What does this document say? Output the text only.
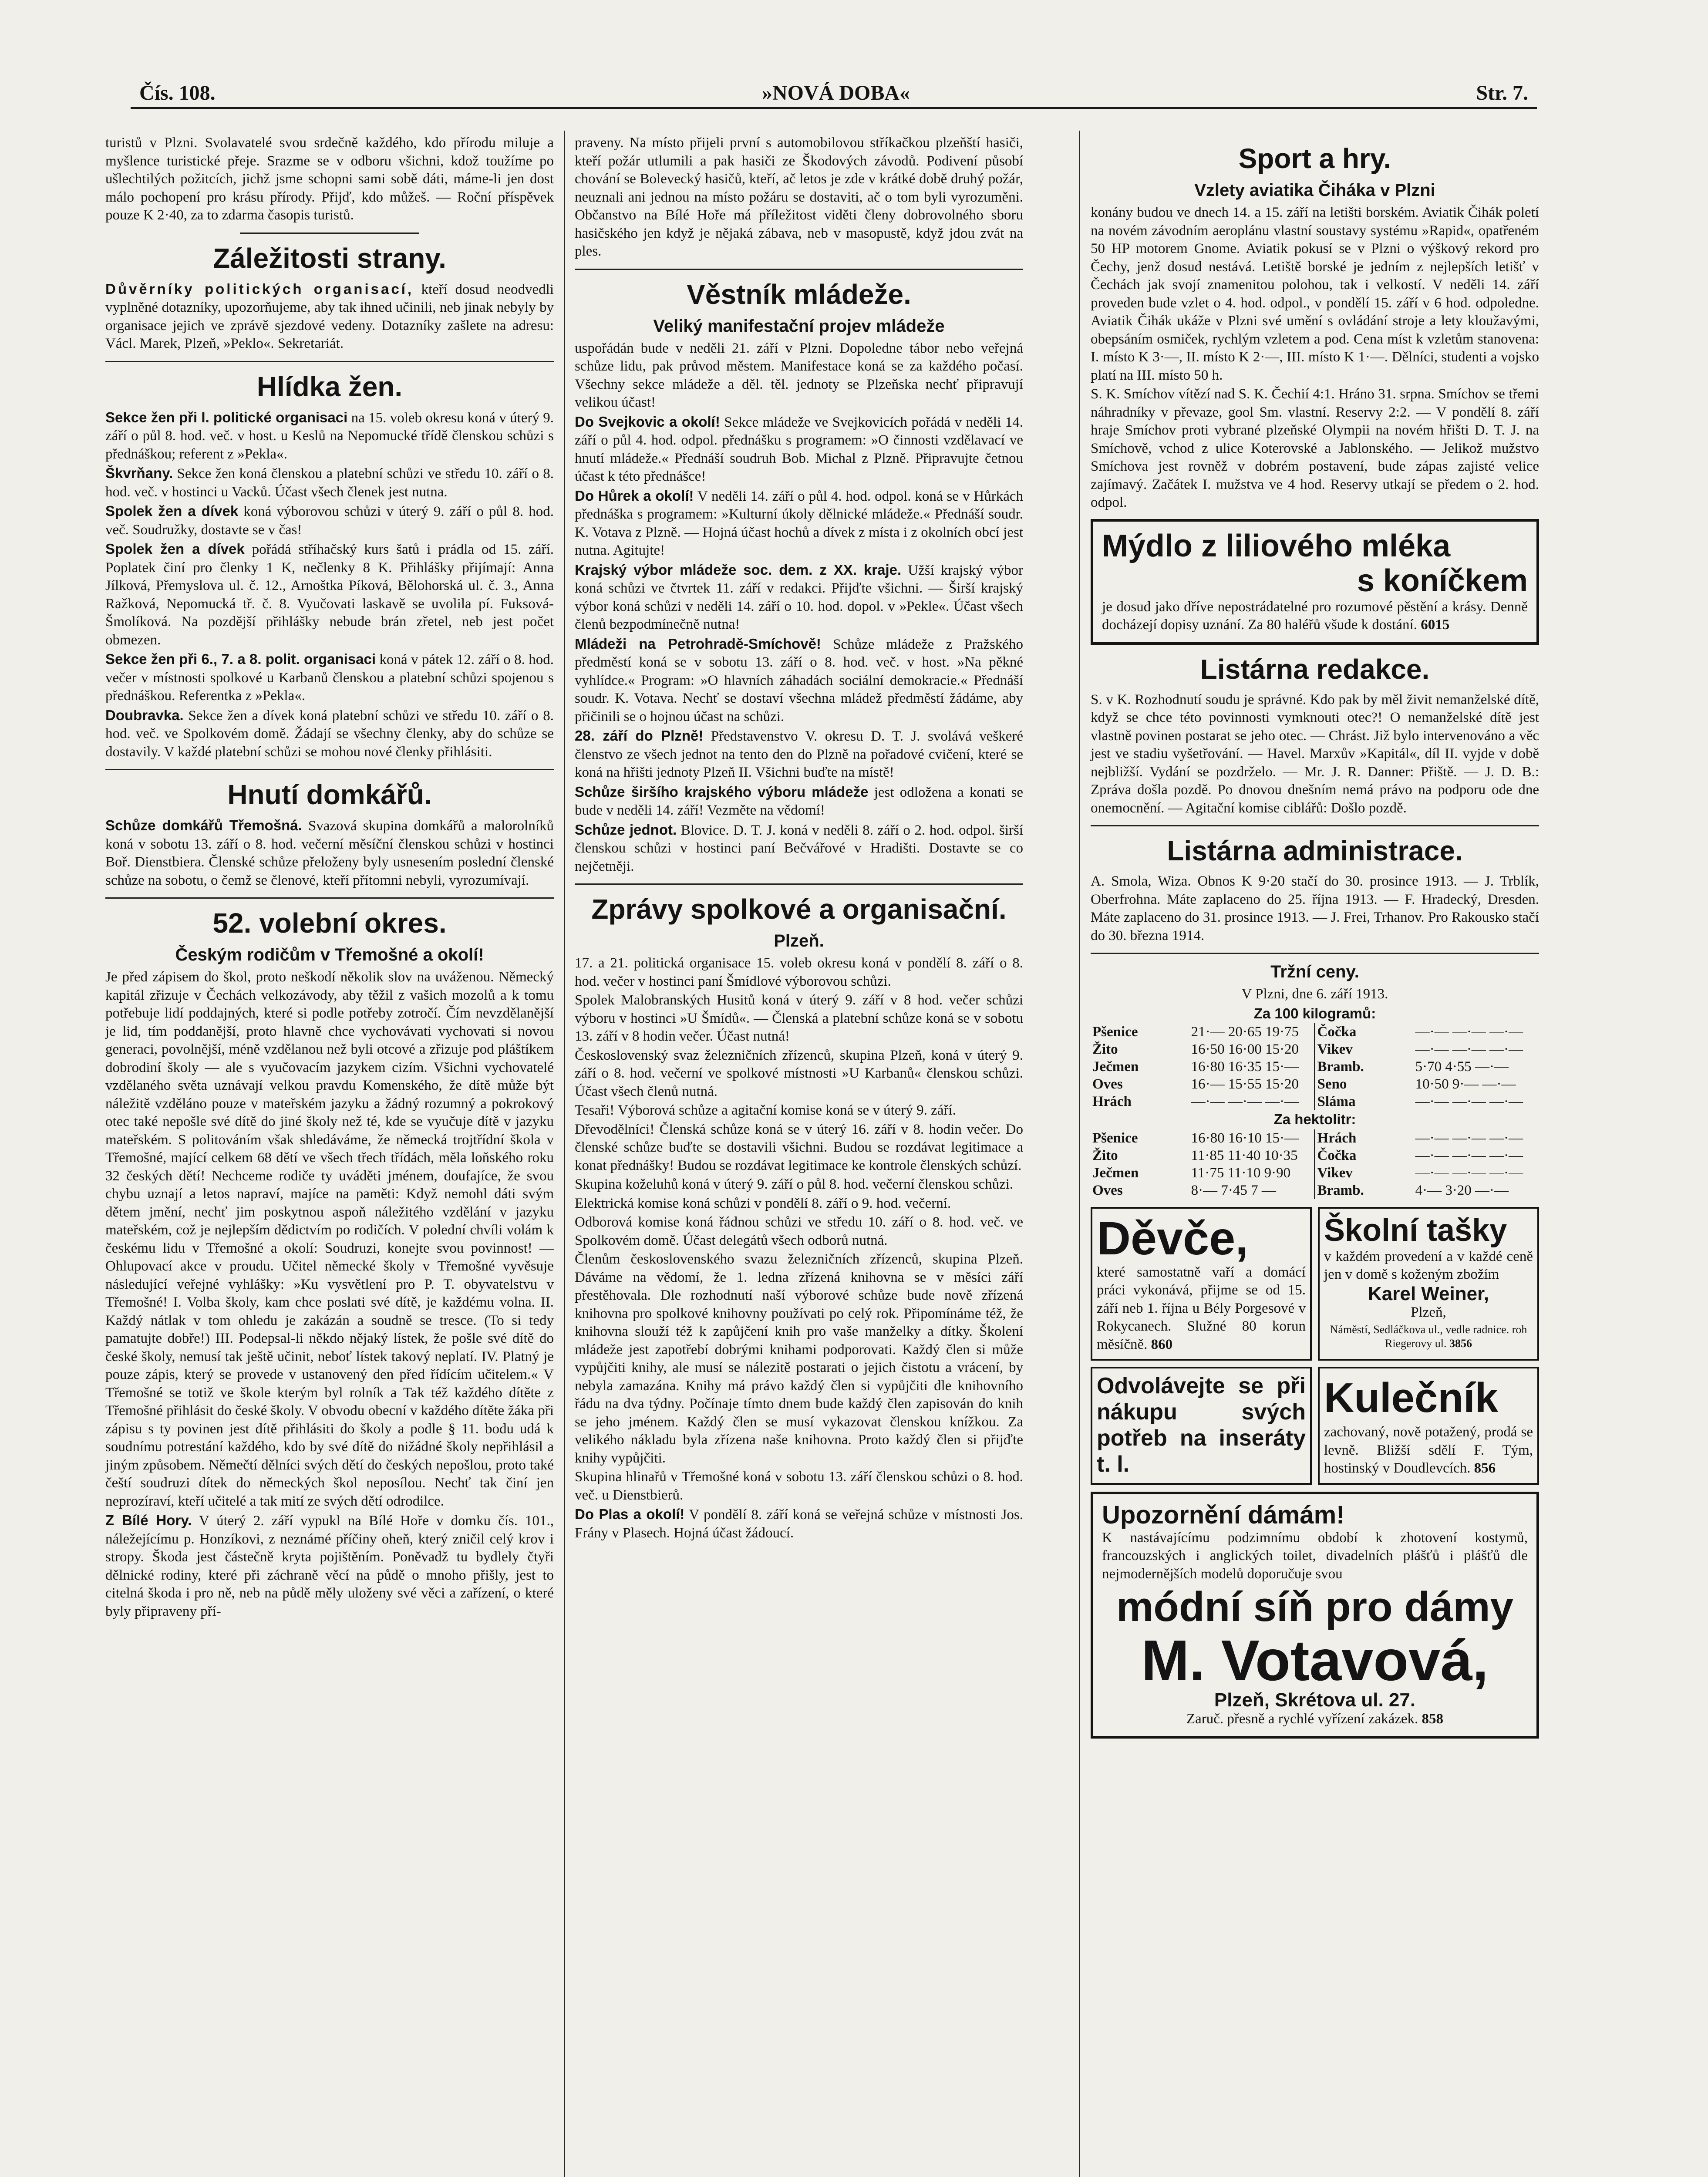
Čís. 108.	»NOVÁ DOBA«	Str. 7.

turistů v Plzni. Svolavatelé svou srdečně každého, kdo přírodu miluje a myšlence turistické přeje. Srazme se v odboru všichni, kdož toužíme po ušlechtilých požitcích, jichž jsme schopni sami sobě dáti, máme-li jen dost málo pochopení pro krásu přírody. Přijď, kdo můžeš. — Roční příspěvek pouze K 2·40, za to zdarma časopis turistů.

Záležitosti strany.

Důvěrníky politických organisací, kteří dosud neodvedli vyplněné dotazníky, upozorňujeme, aby tak ihned učinili, neb jinak nebyly by organisace jejich ve zprávě sjezdové vedeny. Dotazníky zašlete na adresu: Václ. Marek, Plzeň, »Peklo«. Sekretariát.

Hlídka žen.

Sekce žen při I. politické organisaci na 15. voleb okresu koná v úterý 9. září o půl 8. hod. več. v host. u Keslů na Nepomucké třídě členskou schůzi s přednáškou; referent z »Pekla«.

Škvrňany. Sekce žen koná členskou a platební schůzi ve středu 10. září o 8. hod. več. v hostinci u Vacků. Účast všech členek jest nutna.

Spolek žen a dívek koná výborovou schůzi v úterý 9. září o půl 8. hod. več. Soudružky, dostavte se v čas!

Spolek žen a dívek pořádá stříhačský kurs šatů i prádla od 15. září. Poplatek činí pro členky 1 K, nečlenky 8 K. Přihlášky přijímají: Anna Jílková, Přemyslova ul. č. 12., Arnoštka Píková, Bělohorská ul. č. 3., Anna Ražková, Nepomucká tř. č. 8. Vyučovati laskavě se uvolila pí. Fuksová-Šmolíková. Na pozdější přihlášky nebude brán zřetel, neb jest počet obmezen.

Sekce žen při 6., 7. a 8. polit. organisaci koná v pátek 12. září o 8. hod. večer v místnosti spolkové u Karbanů členskou a platební schůzi spojenou s přednáškou. Referentka z »Pekla«.

Doubravka. Sekce žen a dívek koná platební schůzi ve středu 10. září o 8. hod. več. ve Spolkovém domě. Žádají se všechny členky, aby do schůze se dostavily. V každé platební schůzi se mohou nové členky přihlásiti.

Hnutí domkářů.

Schůze domkářů Třemošná. Svazová skupina domkářů a malorolníků koná v sobotu 13. září o 8. hod. večerní měsíční členskou schůzi v hostinci Boř. Dienstbiera. Členské schůze přeloženy byly usnesením poslední členské schůze na sobotu, o čemž se členové, kteří přítomni nebyli, vyrozumívají.

52. volební okres.
Českým rodičům v Třemošné a okolí!

Je před zápisem do škol, proto neškodí několik slov na uváženou. Německý kapitál zřizuje v Čechách velkozávody, aby těžil z vašich mozolů a k tomu potřebuje lidí poddajných, které si podle potřeby zotročí. Čím nevzdělanější je lid, tím poddanější, proto hlavně chce vychovávati vychovati si novou generaci, povolnější, méně vzdělanou než byli otcové a zřizuje pod pláštíkem dobrodiní školy — ale s vyučovacím jazykem cizím. Všichni vychovatelé vzdělaného světa uznávají velkou pravdu Komenského, že dítě může být náležitě vzděláno pouze v mateřském jazyku a žádný rozumný a pokrokový otec také nepošle své dítě do jiné školy než té, kde se vyučuje dítě v jazyku mateřském. S politováním však shledáváme, že německá trojtřídní škola v Třemošné, mající celkem 68 dětí ve všech třech třídách, měla loňského roku 32 českých dětí! Nechceme rodiče ty uváděti jménem, doufajíce, že svou chybu uznají a letos napraví, majíce na paměti: Když nemohl dáti svým dětem jmění, nechť jim poskytnou aspoň náležitého vzdělání v jazyku mateřském, což je nejlepším dědictvím po rodičích. V polední chvíli volám k českému lidu v Třemošné a okolí: Soudruzi, konejte svou povinnost! — Ohlupovací akce v proudu. Učitel německé školy v Třemošné vyvěsuje následující veřejné vyhlášky: »Ku vysvětlení pro P. T. obyvatelstvu v Třemošné! I. Volba školy, kam chce poslati své dítě, je každému volna. II. Každý nátlak v tom ohledu je zakázán a soudně se tresce. (To si tedy pamatujte dobře!) III. Podepsal-li někdo nějaký lístek, že pošle své dítě do české školy, nemusí tak ještě učinit, neboť lístek takový neplatí. IV. Platný je pouze zápis, který se provede v ustanovený den před řídícím učitelem.« V Třemošné se totiž ve škole kterým byl rolník a Tak též každého dítěte z Třemošné přihlásit do české školy. V obvodu obecní v každého dítěte žáka při zápisu s ty povinen jest dítě přihlásiti do školy a podle § 11. bodu udá k soudnímu potrestání každého, kdo by své dítě do nižádné školy nepřihlásil a jiným způsobem. Němečtí dělníci svých dětí do českých nepošlou, proto také čeští soudruzi dítek do německých škol neposílou. Nechť tak činí jen neprozíraví, kteří učitelé a tak mití ze svých dětí odrodilce.

Z Bílé Hory. V úterý 2. září vypukl na Bílé Hoře v domku čís. 101., náležejícímu p. Honzíkovi, z neznámé příčiny oheň, který zničil celý krov i stropy. Škoda jest částečně kryta pojištěním. Poněvadž tu bydlely čtyři dělnické rodiny, které při záchraně věcí na půdě o mnoho přišly, jest to citelná škoda i pro ně, neb na půdě měly uloženy své věci a zařízení, o které byly připraveny pří-

praveny. Na místo přijeli první s automobilovou stříkačkou plzeňští hasiči, kteří požár utlumili a pak hasiči ze Škodových závodů. Podivení působí chování se Bolevecký hasičů, kteří, ač letos je zde v krátké době druhý požár, neuznali ani jednou na místo požáru se dostaviti, ač o tom byli vyrozuměni. Občanstvo na Bílé Hoře má příležitost viděti členy dobrovolného sboru hasičského jen když je nějaká zábava, neb v masopustě, když jdou zvát na ples.

Věstník mládeže.
Veliký manifestační projev mládeže

uspořádán bude v neděli 21. září v Plzni. Dopoledne tábor nebo veřejná schůze lidu, pak průvod městem. Manifestace koná se za každého počasí. Všechny sekce mládeže a děl. těl. jednoty se Plzeňska nechť připravují velikou účast!

Do Svejkovic a okolí! Sekce mládeže ve Svejkovicích pořádá v neděli 14. září o půl 4. hod. odpol. přednášku s programem: »O činnosti vzdělavací ve hnutí mládeže.« Přednáší soudruh Bob. Michal z Plzně. Připravujte četnou účast k této přednášce!

Do Hůrek a okolí! V neděli 14. září o půl 4. hod. odpol. koná se v Hůrkách přednáška s programem: »Kulturní úkoly dělnické mládeže.« Přednáší soudr. K. Votava z Plzně. — Hojná účast hochů a dívek z místa i z okolních obcí jest nutna. Agitujte!

Krajský výbor mládeže soc. dem. z XX. kraje. Užší krajský výbor koná schůzi ve čtvrtek 11. září v redakci. Přijďte všichni. — Širší krajský výbor koná schůzi v neděli 14. září o 10. hod. dopol. v »Pekle«. Účast všech členů bezpodmínečně nutna!

Mládeži na Petrohradě-Smíchově! Schůze mládeže z Pražského předměstí koná se v sobotu 13. září o 8. hod. več. v host. »Na pěkné vyhlídce.« Program: »O hlavních záhadách sociální demokracie.« Přednáší soudr. K. Votava. Nechť se dostaví všechna mládež předměstí žádáme, aby přičinili se o hojnou účast na schůzi.

28. září do Plzně! Představenstvo V. okresu D. T. J. svolává veškeré členstvo ze všech jednot na tento den do Plzně na pořadové cvičení, které se koná na hřišti jednoty Plzeň II. Všichni buďte na místě!

Schůze širšího krajského výboru mládeže jest odložena a konati se bude v neděli 14. září! Vezměte na vědomí!

Schůze jednot. Blovice. D. T. J. koná v neděli 8. září o 2. hod. odpol. širší členskou schůzi v hostinci paní Bečvářové v Hradišti. Dostavte se co nejčetněji.

Zprávy spolkové a organisační.
Plzeň.

17. a 21. politická organisace 15. voleb okresu koná v pondělí 8. září o 8. hod. večer v hostinci paní Šmídlové výborovou schůzi.

Spolek Malobranských Husitů koná v úterý 9. září v 8 hod. večer schůzi výboru v hostinci »U Šmídů«. — Členská a platební schůze koná se v sobotu 13. září v 8 hodin večer. Účast nutná!

Československý svaz železničních zřízenců, skupina Plzeň, koná v úterý 9. září o 8. hod. večerní ve spolkové místnosti »U Karbanů« členskou schůzi. Účast všech členů nutná.

Tesaři! Výborová schůze a agitační komise koná se v úterý 9. září.

Dřevodělníci! Členská schůze koná se v úterý 16. září v 8. hodin večer. Do členské schůze buďte se dostavili všichni. Budou se rozdávat legitimace a konat přednášky! Budou se rozdávat legitimace ke kontrole členských schůzí.

Skupina koželuhů koná v úterý 9. září o půl 8. hod. večerní členskou schůzi.

Elektrická komise koná schůzi v pondělí 8. září o 9. hod. večerní.

Odborová komise koná řádnou schůzi ve středu 10. září o 8. hod. več. ve Spolkovém domě. Účast delegátů všech odborů nutná.

Členům československého svazu železničních zřízenců, skupina Plzeň. Dáváme na vědomí, že 1. ledna zřízená knihovna se v měsíci září přestěhovala. Dle rozhodnutí naší výborové schůze bude nově zřízená knihovna pro spolkové knihovny používati po celý rok. Připomínáme též, že knihovna slouží též k zapůjčení knih pro vaše manželky a dítky. Školení mládeže jest zapotřebí dobrými knihami podporovati. Každý člen si může vypůjčiti knihy, ale musí se nálezitě postarati o jejich čistotu a vrácení, by nebyla zamazána. Knihy má právo každý člen si vypůjčiti dle knihovního řádu na dva týdny. Počínaje tímto dnem bude každý člen zapisován do knih se jeho jménem. Každý člen se musí vykazovat členskou knížkou. Za velikého nákladu byla zřízena naše knihovna. Proto každý člen si přijďte knihy vypůjčiti.

Skupina hlinařů v Třemošné koná v sobotu 13. září členskou schůzi o 8. hod. več. u Dienstbierů.

Do Plas a okolí! V pondělí 8. září koná se veřejná schůze v místnosti Jos. Frány v Plasech. Hojná účast žádoucí.

Sport a hry.
Vzlety aviatika Čiháka v Plzni

konány budou ve dnech 14. a 15. září na letišti borském. Aviatik Čihák poletí na novém závodním aeroplánu vlastní soustavy systému »Rapid«, opatřeném 50 HP motorem Gnome. Aviatik pokusí se v Plzni o výškový rekord pro Čechy, jenž dosud nestává. Letiště borské je jedním z nejlepších letišť v Čechách jak svojí znamenitou polohou, tak i velkostí. V neděli 14. září proveden bude vzlet o 4. hod. odpol., v pondělí 15. září v 6 hod. odpoledne. Aviatik Čihák ukáže v Plzni své umění s ovládání stroje a lety kloužavými, obepsáním osmiček, rychlým vzletem a pod. Cena míst k vzletům stanovena: I. místo K 3·—, II. místo K 2·—, III. místo K 1·—. Dělníci, studenti a vojsko platí na III. místo 50 h.

S. K. Smíchov vítězí nad S. K. Čechií 4:1. Hráno 31. srpna. Smíchov se třemi náhradníky v převaze, gool Sm. vlastní. Reservy 2:2. — V pondělí 8. září hraje Smíchov proti vybrané plzeňské Olympii na novém hřišti D. T. J. na Smíchově, vchod z ulice Koterovské a Jablonského. — Jelikož mužstvo Smíchova jest rovněž v dobrém postavení, bude zápas zajisté velice zajímavý. Začátek I. mužstva ve 4 hod. Reservy utkají se předem o 2. hod. odpol.

Mýdlo z liliového mléka
s koníčkem

je dosud jako dříve nepostrádatelné pro rozumové pěstění a krásy. Denně docházejí dopisy uznání. Za 80 haléřů všude k dostání. 6015

Listárna redakce.

S. v K. Rozhodnutí soudu je správné. Kdo pak by měl živit nemanželské dítě, když se chce této povinnosti vymknouti otec?! O nemanželské dítě jest vlastně povinen postarat se jeho otec. — Chrást. Již bylo intervenováno a věc jest ve stadiu vyšetřování. — Havel. Marxův »Kapitál«, díl II. vyjde v době nejbližší. Vydání se pozdrželo. — Mr. J. R. Danner: Přiště. — J. D. B.: Zpráva došla pozdě. Po dnovou dnešním nemá právo na podporu ode dne onemocnění. — Agitační komise ciblářů: Došlo pozdě.

Listárna administrace.

A. Smola, Wiza. Obnos K 9·20 stačí do 30. prosince 1913. — J. Trblík, Oberfrohna. Máte zaplaceno do 25. října 1913. — F. Hradecký, Dresden. Máte zaplaceno do 31. prosince 1913. — J. Frei, Trhanov. Pro Rakousko stačí do 30. března 1914.

Tržní ceny.

V Plzni, dne 6. září 1913.

Za 100 kilogramů:

Pšenice	21·— 20·65 19·75	Čočka	—·— —·— —·—
Žito	16·50 16·00 15·20	Vikev	—·— —·— —·—
Ječmen	16·80 16·35 15·—	Bramb.	5·70 4·55 —·—
Oves	16·— 15·55 15·20	Seno	10·50 9·— —·—
Hrách	—·— —·— —·—	Sláma	—·— —·— —·—

Za hektolitr:

Pšenice	16·80 16·10 15·—	Hrách	—·— —·— —·—
Žito	11·85 11·40 10·35	Čočka	—·— —·— —·—
Ječmen	11·75 11·10 9·90	Vikev	—·— —·— —·—
Oves	8·— 7·45 7 —	Bramb.	4·— 3·20 —·—
Děvče,

které samostatně vaří a domácí práci vykonává, přijme se od 15. září neb 1. října u Bély Porgesové v Rokycanech. Služné 80 korun měsíčně. 860

Školní tašky

v každém provedení a v každé ceně jen v domě s koženým zbožím

Karel Weiner,

Plzeň,

Náměstí, Sedláčkova ul., vedle radnice. roh Riegerovy ul. 3856

Odvolávejte se při nákupu svých potřeb na inseráty t. l.
Kulečník

zachovaný, nově potažený, prodá se levně. Bližší sdělí F. Tým, hostinský v Doudlevcích. 856

Upozornění dámám!

K nastávajícímu podzimnímu období k zhotovení kostymů, francouzských i anglických toilet, divadelních plášťů i plášťů dle nejmodernějších modelů doporučuje svou

módní síň pro dámy
M. Votavová,

Plzeň, Skrétova ul. 27.

Zaruč. přesně a rychlé vyřízení zakázek. 858
